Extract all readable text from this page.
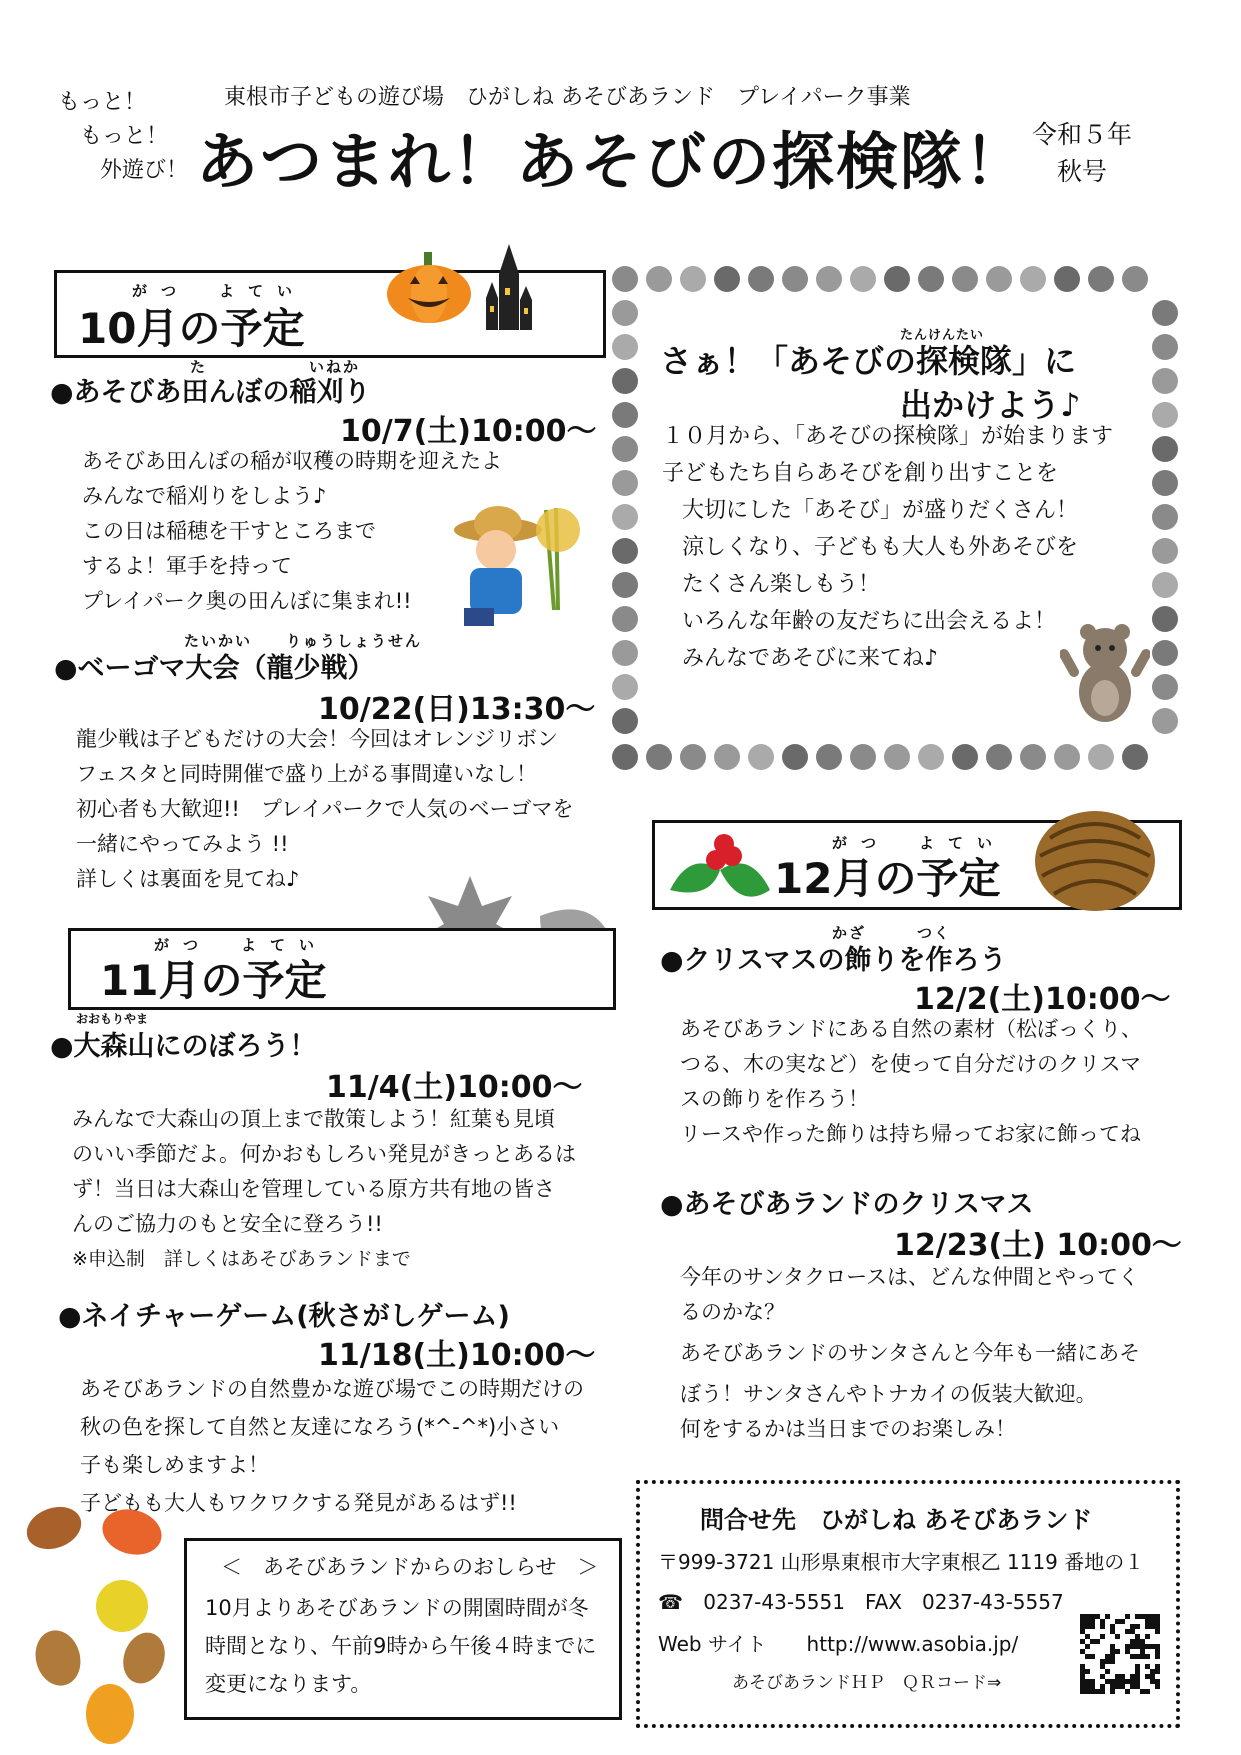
もっと！
もっと！
外遊び！
東根市子どもの遊び場　ひがしね あそびあランド　プレイパーク事業
あつまれ！あそびの探検隊！ 令和５年
秋号
がつ　よてい
10月の予定
た　　　　　　いねか
●あそびあ田んぼの稲刈り
10/7(土)10:00～
あそびあ田んぼの稲が収穫の時期を迎えたよ
みんなで稲刈りをしよう♪
この日は稲穂を干すところまで
するよ！軍手を持って
プレイパーク奥の田んぼに集まれ!!
たいかい　　りゅうしょうせん
●ベーゴマ大会（龍少戦）
10/22(日)13:30～
龍少戦は子どもだけの大会！今回はオレンジリボン
フェスタと同時開催で盛り上がる事間違いなし！
初心者も大歓迎!!　プレイパークで人気のベーゴマを
一緒にやってみよう !!
詳しくは裏面を見てね♪
さぁ！「あそびの探検隊」に
たんけんたい
出かけよう♪
１０月から、「あそびの探検隊」が始まります
子どもたち自らあそびを創り出すことを
大切にした「あそび」が盛りだくさん！
涼しくなり、子どもも大人も外あそびを
たくさん楽しもう！
いろんな年齢の友だちに出会えるよ！
みんなであそびに来てね♪
がつ　よてい
11月の予定
おおもりやま
●大森山にのぼろう！
11/4(土)10:00～
みんなで大森山の頂上まで散策しよう！紅葉も見頃
のいい季節だよ。何かおもしろい発見がきっとあるは
ず！当日は大森山を管理している原方共有地の皆さ
んのご協力のもと安全に登ろう!!
※申込制　詳しくはあそびあランドまで
●ネイチャーゲーム(秋さがしゲーム)
11/18(土)10:00～
あそびあランドの自然豊かな遊び場でこの時期だけの
秋の色を探して自然と友達になろう(*^-^*)小さい
子も楽しめますよ！
子どもも大人もワクワクする発見があるはず!!
がつ　よてい
12月の予定
かざ　　　つく
●クリスマスの飾りを作ろう
12/2(土)10:00～
あそびあランドにある自然の素材（松ぼっくり、
つる、木の実など）を使って自分だけのクリスマ
スの飾りを作ろう！
リースや作った飾りは持ち帰ってお家に飾ってね
●あそびあランドのクリスマス
12/23(土) 10:00～
今年のサンタクロースは、どんな仲間とやってく
るのかな？
あそびあランドのサンタさんと今年も一緒にあそ
ぼう！サンタさんやトナカイの仮装大歓迎。
何をするかは当日までのお楽しみ！
＜　あそびあランドからのおしらせ　＞
10月よりあそびあランドの開園時間が冬
時間となり、午前9時から午後４時までに
変更になります。
問合せ先　ひがしね あそびあランド
〒999-3721 山形県東根市大字東根乙 1119 番地の１
☎ 0237-43-5551　FAX　0237-43-5557
Web サイト　　http://www.asobia.jp/
あそびあランドＨＰ　ＱＲコード⇒
